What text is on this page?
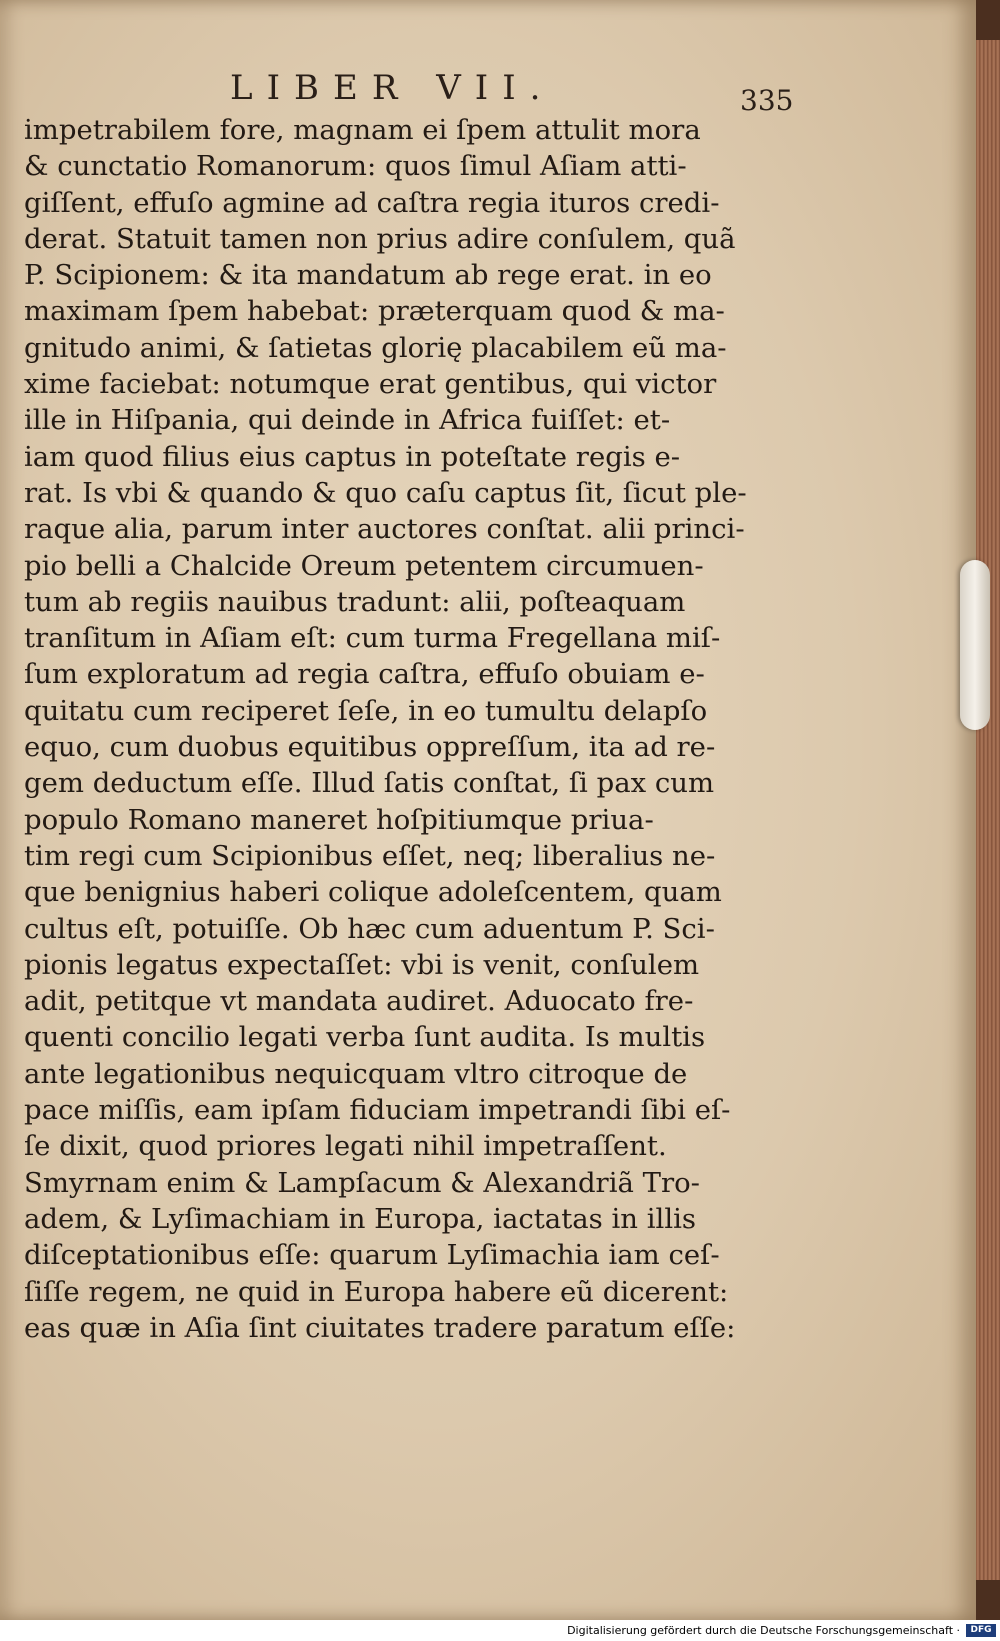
LIBER VII.	335
impetrabilem fore, magnam ei ſpem attulit mora
& cunctatio Romanorum: quos ſimul Aſiam atti-
giſſent, effuſo agmine ad caſtra regia ituros credi-
derat. Statuit tamen non prius adire conſulem, quã
P. Scipionem: & ita mandatum ab rege erat. in eo
maximam ſpem habebat: prӕterquam quod & ma-
gnitudo animi, & ſatietas glorię placabilem eũ ma-
xime faciebat: notumque erat gentibus, qui victor
ille in Hiſpania, qui deinde in Africa fuiſſet: et-
iam quod filius eius captus in poteſtate regis e-
rat. Is vbi & quando & quo caſu captus ſit, ſicut ple-
raque alia, parum inter auctores conſtat. alii princi-
pio belli a Chalcide Oreum petentem circumuen-
tum ab regiis nauibus tradunt: alii, poſteaquam
tranſitum in Aſiam eſt: cum turma Fregellana miſ-
ſum exploratum ad regia caſtra, effuſo obuiam e-
quitatu cum reciperet ſeſe, in eo tumultu delapſo
equo, cum duobus equitibus oppreſſum, ita ad re-
gem deductum eſſe. Illud ſatis conſtat, ſi pax cum
populo Romano maneret hoſpitiumque priua-
tim regi cum Scipionibus eſſet, neq; liberalius ne-
que benignius haberi colique adoleſcentem, quam
cultus eſt, potuiſſe. Ob hӕc cum aduentum P. Sci-
pionis legatus expectaſſet: vbi is venit, conſulem
adit, petitque vt mandata audiret. Aduocato fre-
quenti concilio legati verba ſunt audita. Is multis
ante legationibus nequicquam vltro citroque de
pace miſſis, eam ipſam fiduciam impetrandi ſibi eſ-
ſe dixit, quod priores legati nihil impetraſſent.
Smyrnam enim & Lampſacum & Alexandriã Tro-
adem, & Lyſimachiam in Europa, iactatas in illis
diſceptationibus eſſe: quarum Lyſimachia iam ceſ-
ſiſſe regem, ne quid in Europa habere eũ dicerent:
eas quӕ in Aſia ſint ciuitates tradere paratum eſſe:
Digitalisierung gefördert durch die Deutsche Forschungsgemeinschaft ·	DFG
